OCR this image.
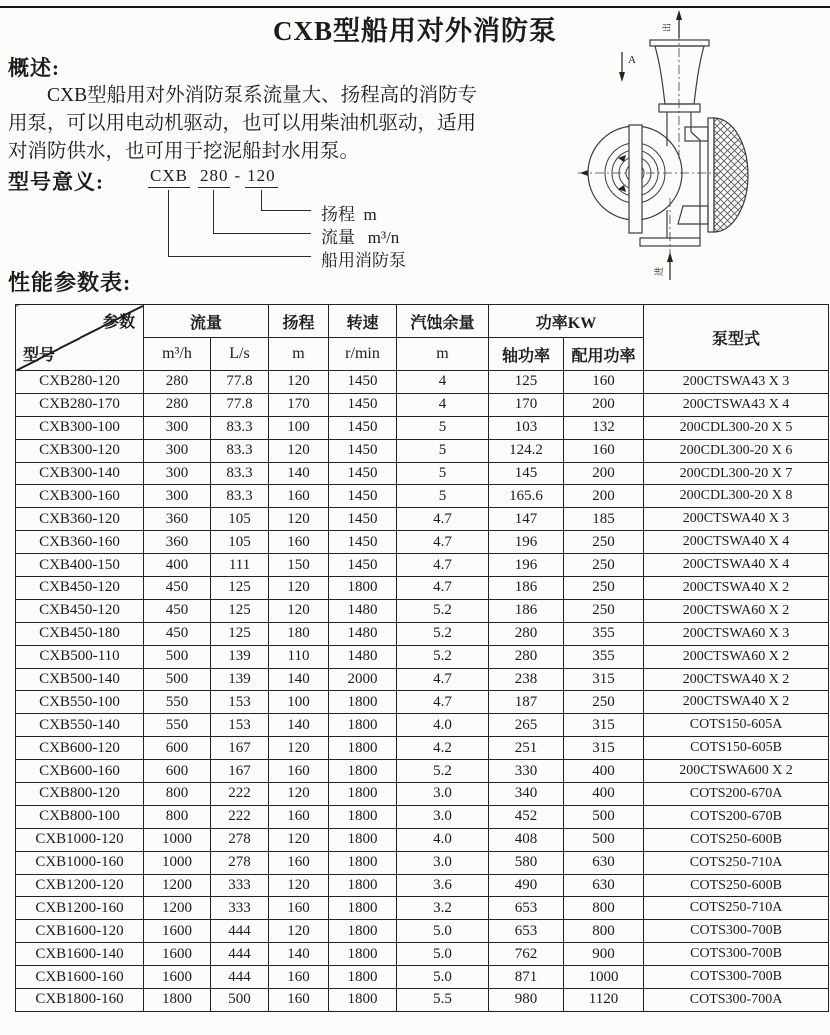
CXB型船用对外消防泵
概述:
CXB型船用对外消防泵系流量大、扬程高的消防专
用泵，可以用电动机驱动，也可以用柴油机驱动，适用
对消防供水，也可用于挖泥船封水用泵。
型号意义:	CXB 280 - 120
扬程  m
流量   m³/n
船用消防泵
A
出
进
性能参数表:
参数
型号	流量		扬程	转速	汽蚀余量	功率KW		泵型式
	m³/h	L/s	m	r/min	m	轴功率	配用功率	
CXB280-120	280	77.8	120	1450	4	125	160	200CTSWA43 X 3
CXB280-170	280	77.8	170	1450	4	170	200	200CTSWA43 X 4
CXB300-100	300	83.3	100	1450	5	103	132	200CDL300-20 X 5
CXB300-120	300	83.3	120	1450	5	124.2	160	200CDL300-20 X 6
CXB300-140	300	83.3	140	1450	5	145	200	200CDL300-20 X 7
CXB300-160	300	83.3	160	1450	5	165.6	200	200CDL300-20 X 8
CXB360-120	360	105	120	1450	4.7	147	185	200CTSWA40 X 3
CXB360-160	360	105	160	1450	4.7	196	250	200CTSWA40 X 4
CXB400-150	400	111	150	1450	4.7	196	250	200CTSWA40 X 4
CXB450-120	450	125	120	1800	4.7	186	250	200CTSWA40 X 2
CXB450-120	450	125	120	1480	5.2	186	250	200CTSWA60 X 2
CXB450-180	450	125	180	1480	5.2	280	355	200CTSWA60 X 3
CXB500-110	500	139	110	1480	5.2	280	355	200CTSWA60 X 2
CXB500-140	500	139	140	2000	4.7	238	315	200CTSWA40 X 2
CXB550-100	550	153	100	1800	4.7	187	250	200CTSWA40 X 2
CXB550-140	550	153	140	1800	4.0	265	315	COTS150-605A
CXB600-120	600	167	120	1800	4.2	251	315	COTS150-605B
CXB600-160	600	167	160	1800	5.2	330	400	200CTSWA600 X 2
CXB800-120	800	222	120	1800	3.0	340	400	COTS200-670A
CXB800-100	800	222	160	1800	3.0	452	500	COTS200-670B
CXB1000-120	1000	278	120	1800	4.0	408	500	COTS250-600B
CXB1000-160	1000	278	160	1800	3.0	580	630	COTS250-710A
CXB1200-120	1200	333	120	1800	3.6	490	630	COTS250-600B
CXB1200-160	1200	333	160	1800	3.2	653	800	COTS250-710A
CXB1600-120	1600	444	120	1800	5.0	653	800	COTS300-700B
CXB1600-140	1600	444	140	1800	5.0	762	900	COTS300-700B
CXB1600-160	1600	444	160	1800	5.0	871	1000	COTS300-700B
CXB1800-160	1800	500	160	1800	5.5	980	1120	COTS300-700A
